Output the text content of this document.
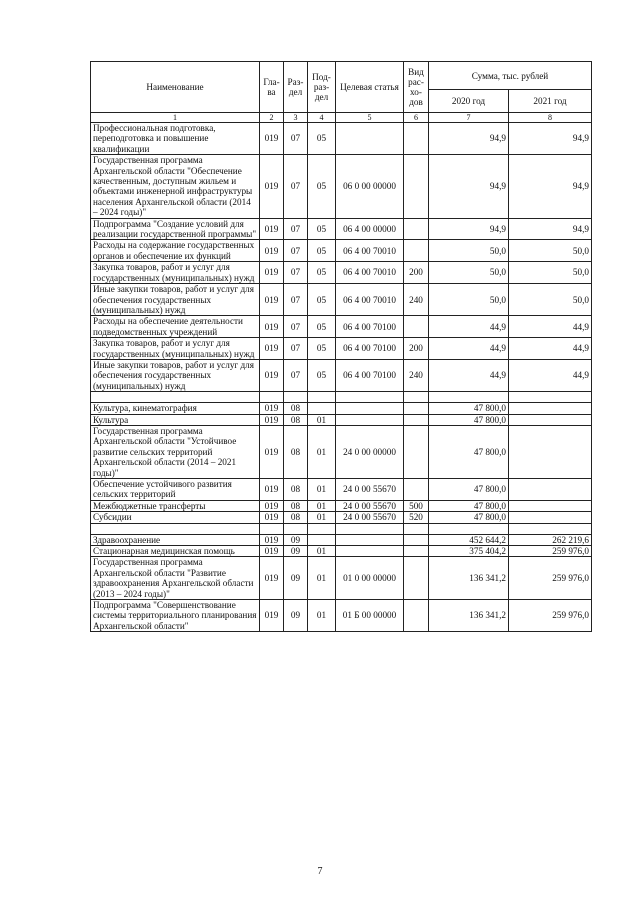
Наименование	Гла-ва	Раз-дел	Под-раз-дел	Целевая статья	Вид рас-хо-дов	Сумма, тыс. рублей	
						2020 год	2021 год
1	2	3	4	5	6	7	8
Профессиональная подготовка, переподготовка и повышение квалификации	019	07	05			94,9	94,9
Государственная программа Архангельской области "Обеспечение качественным, доступным жильем и объектами инженерной инфраструктуры населения Архангельской области (2014 – 2024 годы)"	019	07	05	06 0 00 00000		94,9	94,9
Подпрограмма "Создание условий для реализации государственной программы"	019	07	05	06 4 00 00000		94,9	94,9
Расходы на содержание государственных органов и обеспечение их функций	019	07	05	06 4 00 70010		50,0	50,0
Закупка товаров, работ и услуг для государственных (муниципальных) нужд	019	07	05	06 4 00 70010	200	50,0	50,0
Иные закупки товаров, работ и услуг для обеспечения государственных (муниципальных) нужд	019	07	05	06 4 00 70010	240	50,0	50,0
Расходы на обеспечение деятельности подведомственных учреждений	019	07	05	06 4 00 70100		44,9	44,9
Закупка товаров, работ и услуг для государственных (муниципальных) нужд	019	07	05	06 4 00 70100	200	44,9	44,9
Иные закупки товаров, работ и услуг для обеспечения государственных (муниципальных) нужд	019	07	05	06 4 00 70100	240	44,9	44,9

Культура, кинематография	019	08				47 800,0	
Культура	019	08	01			47 800,0	
Государственная программа Архангельской области "Устойчивое развитие сельских территорий Архангельской области (2014 – 2021 годы)"	019	08	01	24 0 00 00000		47 800,0	
Обеспечение устойчивого развития сельских территорий	019	08	01	24 0 00 55670		47 800,0	
Межбюджетные трансферты	019	08	01	24 0 00 55670	500	47 800,0	
Субсидии	019	08	01	24 0 00 55670	520	47 800,0	

Здравоохранение	019	09				452 644,2	262 219,6
Стационарная медицинская помощь	019	09	01			375 404,2	259 976,0
Государственная программа Архангельской области "Развитие здравоохранения Архангельской области (2013 – 2024 годы)"	019	09	01	01 0 00 00000		136 341,2	259 976,0
Подпрограмма "Совершенствование системы территориального планирования Архангельской области"	019	09	01	01 Б 00 00000		136 341,2	259 976,0
7
